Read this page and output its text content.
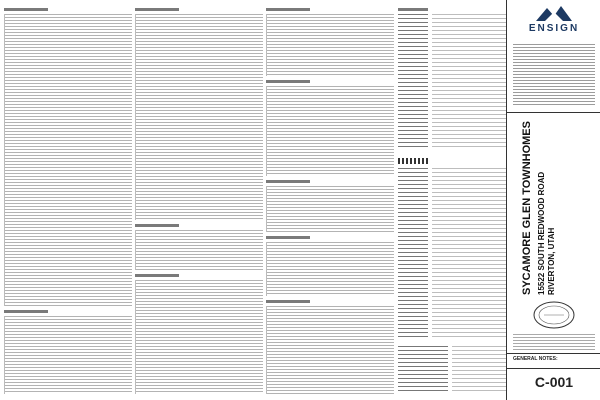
ENSIGN
SYCAMORE GLEN TOWNHOMES 15522 SOUTH REDWOOD ROAD RIVERTON, UTAH
GENERAL NOTES:
C-001
